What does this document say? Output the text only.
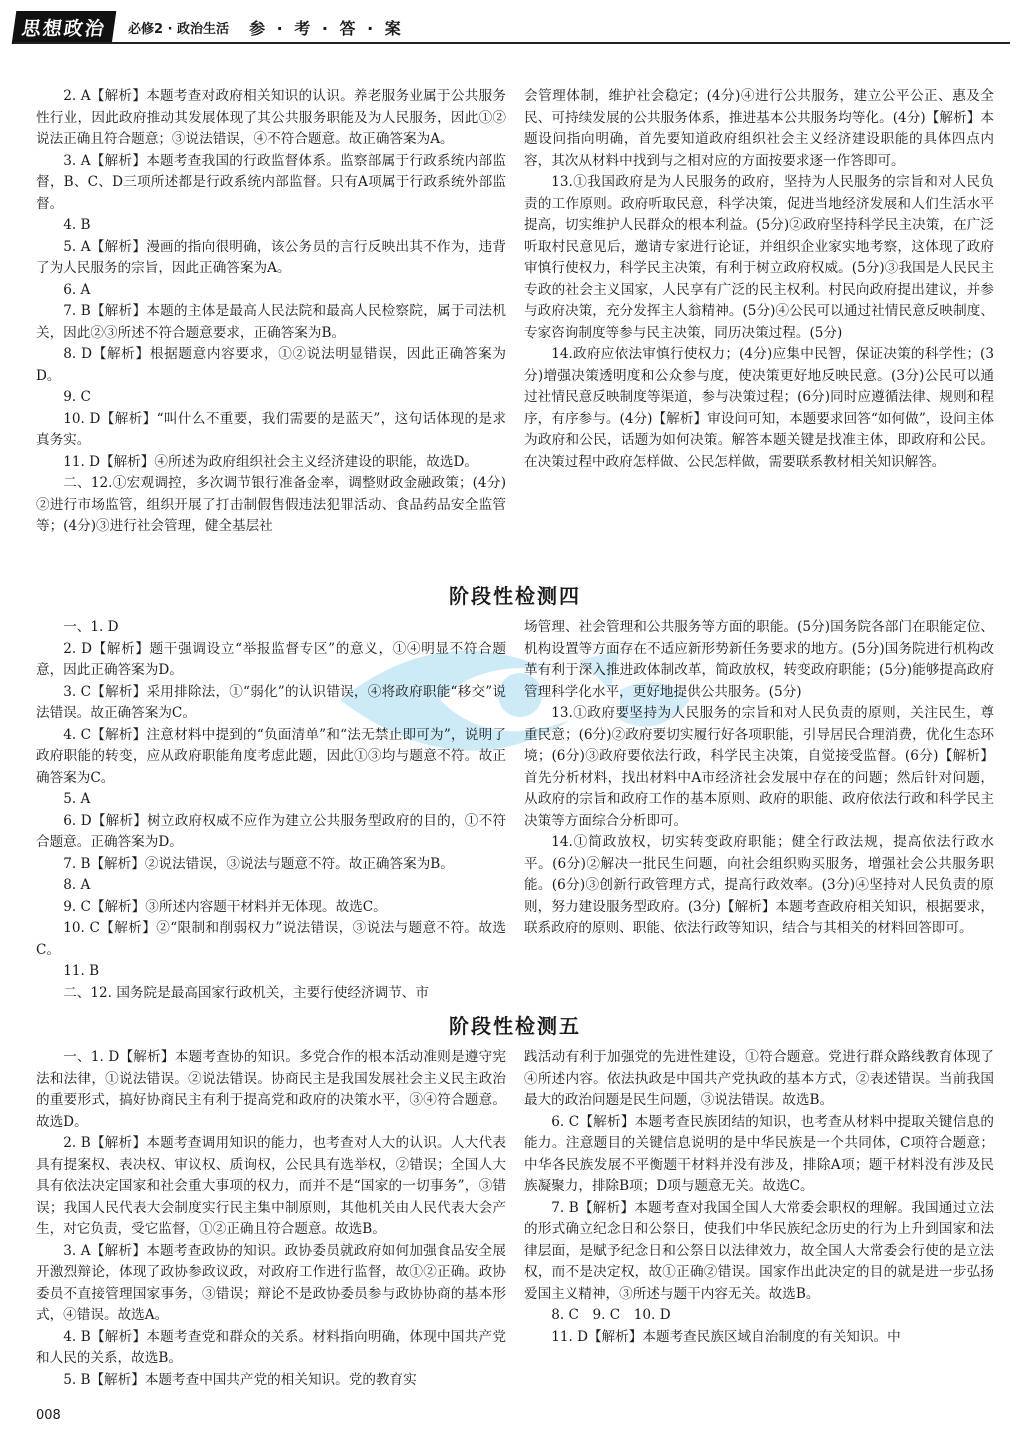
思想政治	必修2 · 政治生活 参 · 考 · 答 · 案

2. A【解析】本题考查对政府相关知识的认识。养老服务业属于公共服务性行业，因此政府推动其发展体现了其公共服务职能及为人民服务，因此①②说法正确且符合题意；③说法错误，④不符合题意。故正确答案为A。

3. A【解析】本题考查我国的行政监督体系。监察部属于行政系统内部监督，B、C、D三项所述都是行政系统内部监督。只有A项属于行政系统外部监督。

4. B

5. A【解析】漫画的指向很明确，该公务员的言行反映出其不作为，违背了为人民服务的宗旨，因此正确答案为A。

6. A

7. B【解析】本题的主体是最高人民法院和最高人民检察院，属于司法机关，因此②③所述不符合题意要求，正确答案为B。

8. D【解析】根据题意内容要求，①②说法明显错误，因此正确答案为D。

9. C

10. D【解析】“叫什么不重要，我们需要的是蓝天”，这句话体现的是求真务实。

11. D【解析】④所述为政府组织社会主义经济建设的职能，故选D。

二、12.①宏观调控，多次调节银行准备金率，调整财政金融政策；(4分)②进行市场监管，组织开展了打击制假售假违法犯罪活动、食品药品安全监管等；(4分)③进行社会管理，健全基层社

会管理体制，维护社会稳定；(4分)④进行公共服务，建立公平公正、惠及全民、可持续发展的公共服务体系，推进基本公共服务均等化。(4分)【解析】本题设问指向明确，首先要知道政府组织社会主义经济建设职能的具体四点内容，其次从材料中找到与之相对应的方面按要求逐一作答即可。

13.①我国政府是为人民服务的政府，坚持为人民服务的宗旨和对人民负责的工作原则。政府听取民意，科学决策，促进当地经济发展和人们生活水平提高，切实维护人民群众的根本利益。(5分)②政府坚持科学民主决策，在广泛听取村民意见后，邀请专家进行论证，并组织企业家实地考察，这体现了政府审慎行使权力，科学民主决策，有利于树立政府权威。(5分)③我国是人民民主专政的社会主义国家，人民享有广泛的民主权利。村民向政府提出建议，并参与政府决策，充分发挥主人翁精神。(5分)④公民可以通过社情民意反映制度、专家咨询制度等参与民主决策，同历决策过程。(5分)

14.政府应依法审慎行使权力；(4分)应集中民智，保证决策的科学性；(3分)增强决策透明度和公众参与度，使决策更好地反映民意。(3分)公民可以通过社情民意反映制度等渠道，参与决策过程；(6分)同时应遵循法律、规则和程序，有序参与。(4分)【解析】审设问可知，本题要求回答“如何做”，设问主体为政府和公民，话题为如何决策。解答本题关键是找准主体，即政府和公民。在决策过程中政府怎样做、公民怎样做，需要联系教材相关知识解答。

阶段性检测四

一、1. D

2. D【解析】题干强调设立“举报监督专区”的意义，①④明显不符合题意，因此正确答案为D。

3. C【解析】采用排除法，①“弱化”的认识错误，④将政府职能“移交”说法错误。故正确答案为C。

4. C【解析】注意材料中提到的“负面清单”和“法无禁止即可为”，说明了政府职能的转变，应从政府职能角度考虑此题，因此①③均与题意不符。故正确答案为C。

5. A

6. D【解析】树立政府权威不应作为建立公共服务型政府的目的，①不符合题意。正确答案为D。

7. B【解析】②说法错误，③说法与题意不符。故正确答案为B。

8. A

9. C【解析】③所述内容题干材料并无体现。故选C。

10. C【解析】②“限制和削弱权力”说法错误，③说法与题意不符。故选C。

11. B

二、12. 国务院是最高国家行政机关，主要行使经济调节、市

场管理、社会管理和公共服务等方面的职能。(5分)国务院各部门在职能定位、机构设置等方面存在不适应新形势新任务要求的地方。(5分)国务院进行机构改革有利于深入推进政体制改革，简政放权，转变政府职能；(5分)能够提高政府管理科学化水平，更好地提供公共服务。(5分)

13.①政府要坚持为人民服务的宗旨和对人民负责的原则，关注民生，尊重民意；(6分)②政府要切实履行好各项职能，引导居民合理消费，优化生态环境；(6分)③政府要依法行政，科学民主决策，自觉接受监督。(6分)【解析】首先分析材料，找出材料中A市经济社会发展中存在的问题；然后针对问题，从政府的宗旨和政府工作的基本原则、政府的职能、政府依法行政和科学民主决策等方面综合分析即可。

14.①简政放权，切实转变政府职能；健全行政法规，提高依法行政水平。(6分)②解决一批民生问题，向社会组织购买服务，增强社会公共服务职能。(6分)③创新行政管理方式，提高行政效率。(3分)④坚持对人民负责的原则，努力建设服务型政府。(3分)【解析】本题考查政府相关知识，根据要求，联系政府的原则、职能、依法行政等知识，结合与其相关的材料回答即可。

阶段性检测五

一、1. D【解析】本题考查协的知识。多党合作的根本活动准则是遵守宪法和法律，①说法错误。②说法错误。协商民主是我国发展社会主义民主政治的重要形式，搞好协商民主有利于提高党和政府的决策水平，③④符合题意。故选D。

2. B【解析】本题考查调用知识的能力，也考查对人大的认识。人大代表具有提案权、表决权、审议权、质询权，公民具有选举权，②错误；全国人大具有依法决定国家和社会重大事项的权力，而并不是“国家的一切事务”，③错误；我国人民代表大会制度实行民主集中制原则，其他机关由人民代表大会产生，对它负责，受它监督，①②正确且符合题意。故选B。

3. A【解析】本题考查政协的知识。政协委员就政府如何加强食品安全展开激烈辩论，体现了政协参政议政，对政府工作进行监督，故①②正确。政协委员不直接管理国家事务，③错误；辩论不是政协委员参与政协协商的基本形式，④错误。故选A。

4. B【解析】本题考查党和群众的关系。材料指向明确，体现中国共产党和人民的关系，故选B。

5. B【解析】本题考查中国共产党的相关知识。党的教育实

践活动有利于加强党的先进性建设，①符合题意。党进行群众路线教育体现了④所述内容。依法执政是中国共产党执政的基本方式，②表述错误。当前我国最大的政治问题是民生问题，③说法错误。故选B。

6. C【解析】本题考查民族团结的知识，也考查从材料中提取关键信息的能力。注意题目的关键信息说明的是中华民族是一个共同体，C项符合题意；中华各民族发展不平衡题干材料并没有涉及，排除A项；题干材料没有涉及民族凝聚力，排除B项；D项与题意无关。故选C。

7. B【解析】本题考查对我国全国人大常委会职权的理解。我国通过立法的形式确立纪念日和公祭日，使我们中华民族纪念历史的行为上升到国家和法律层面，是赋予纪念日和公祭日以法律效力，故全国人大常委会行使的是立法权，而不是决定权，故①正确②错误。国家作出此决定的目的就是进一步弘扬爱国主义精神，③所述与题干内容无关。故选B。

8. C　9. C　10. D

11. D【解析】本题考查民族区域自治制度的有关知识。中

008
